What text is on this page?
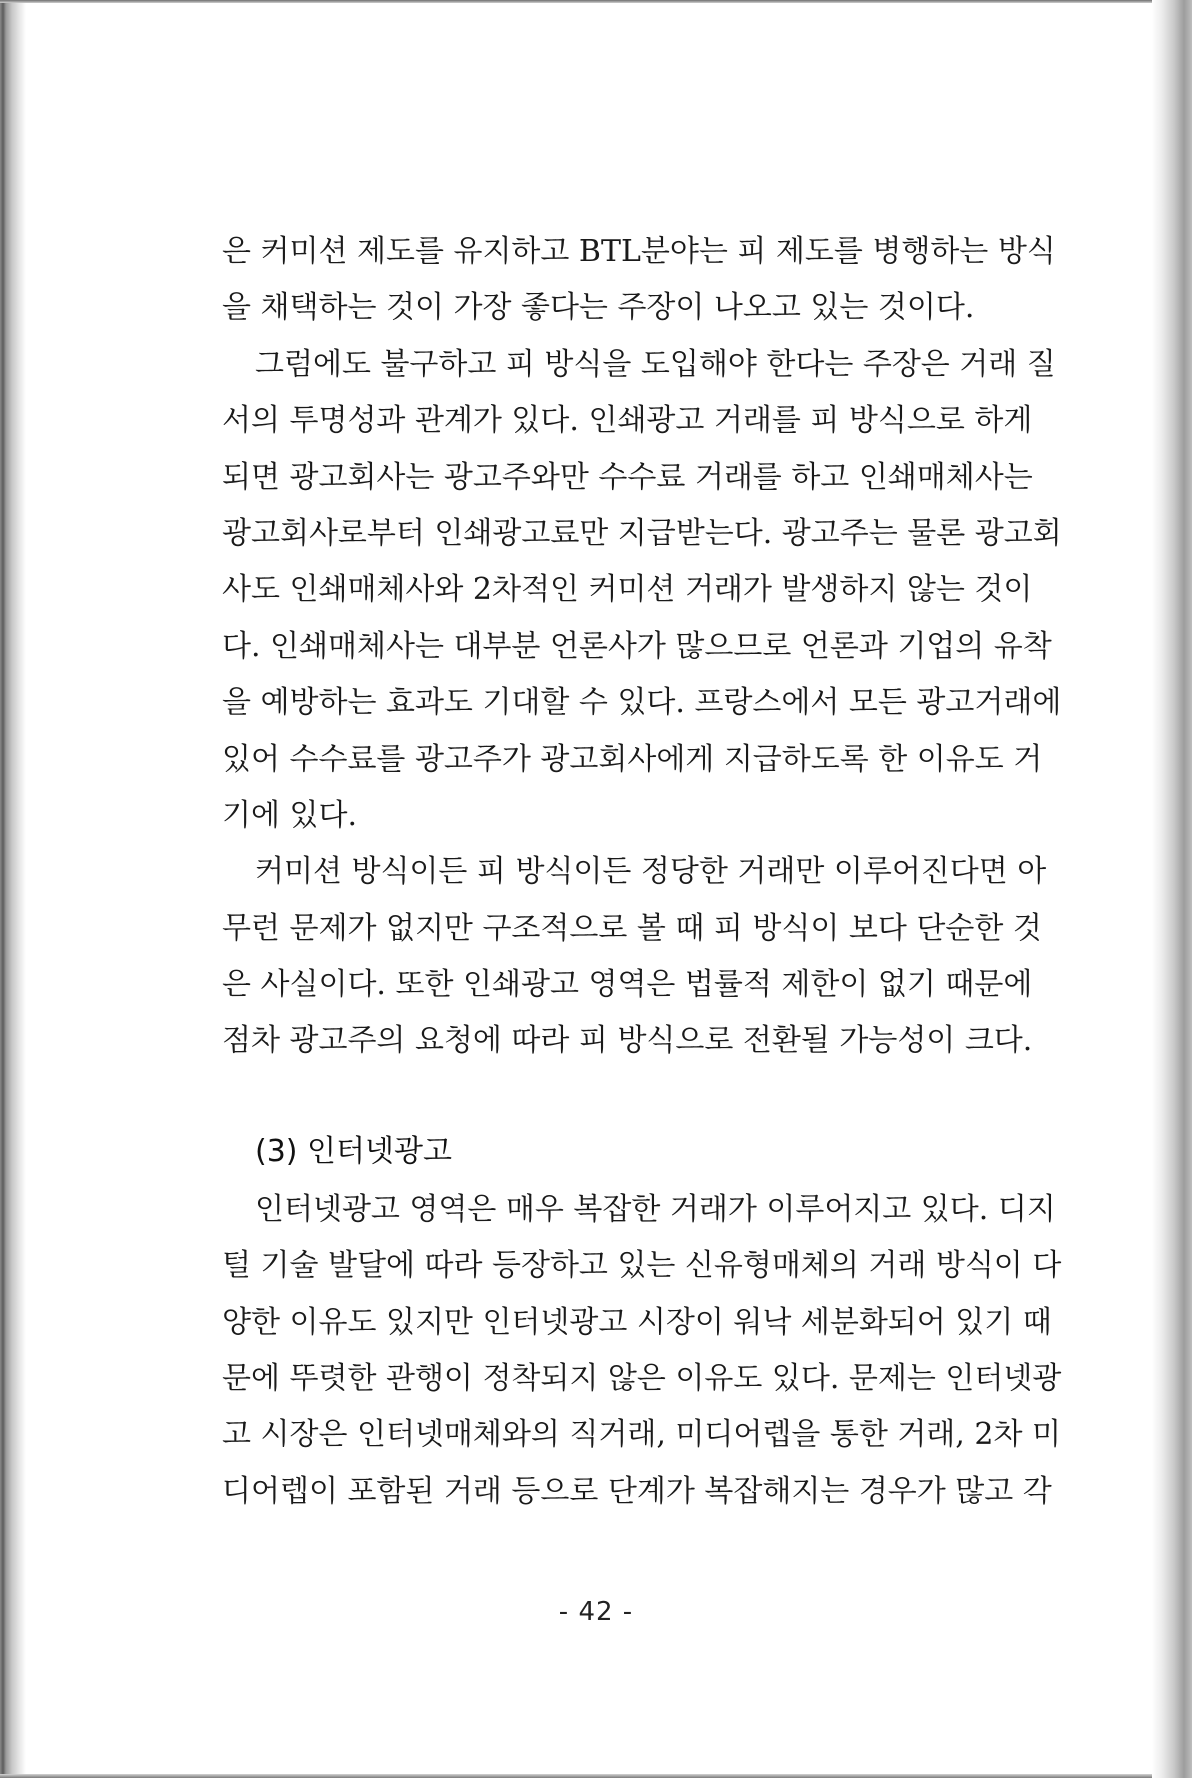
은 커미션 제도를 유지하고 BTL분야는 피 제도를 병행하는 방식
을 채택하는 것이 가장 좋다는 주장이 나오고 있는 것이다.
그럼에도 불구하고 피 방식을 도입해야 한다는 주장은 거래 질
서의 투명성과 관계가 있다. 인쇄광고 거래를 피 방식으로 하게
되면 광고회사는 광고주와만 수수료 거래를 하고 인쇄매체사는
광고회사로부터 인쇄광고료만 지급받는다. 광고주는 물론 광고회
사도 인쇄매체사와 2차적인 커미션 거래가 발생하지 않는 것이
다. 인쇄매체사는 대부분 언론사가 많으므로 언론과 기업의 유착
을 예방하는 효과도 기대할 수 있다. 프랑스에서 모든 광고거래에
있어 수수료를 광고주가 광고회사에게 지급하도록 한 이유도 거
기에 있다.
커미션 방식이든 피 방식이든 정당한 거래만 이루어진다면 아
무런 문제가 없지만 구조적으로 볼 때 피 방식이 보다 단순한 것
은 사실이다. 또한 인쇄광고 영역은 법률적 제한이 없기 때문에
점차 광고주의 요청에 따라 피 방식으로 전환될 가능성이 크다.
(3) 인터넷광고
인터넷광고 영역은 매우 복잡한 거래가 이루어지고 있다. 디지
털 기술 발달에 따라 등장하고 있는 신유형매체의 거래 방식이 다
양한 이유도 있지만 인터넷광고 시장이 워낙 세분화되어 있기 때
문에 뚜렷한 관행이 정착되지 않은 이유도 있다. 문제는 인터넷광
고 시장은 인터넷매체와의 직거래, 미디어렙을 통한 거래, 2차 미
디어렙이 포함된 거래 등으로 단계가 복잡해지는 경우가 많고 각
- 42 -
